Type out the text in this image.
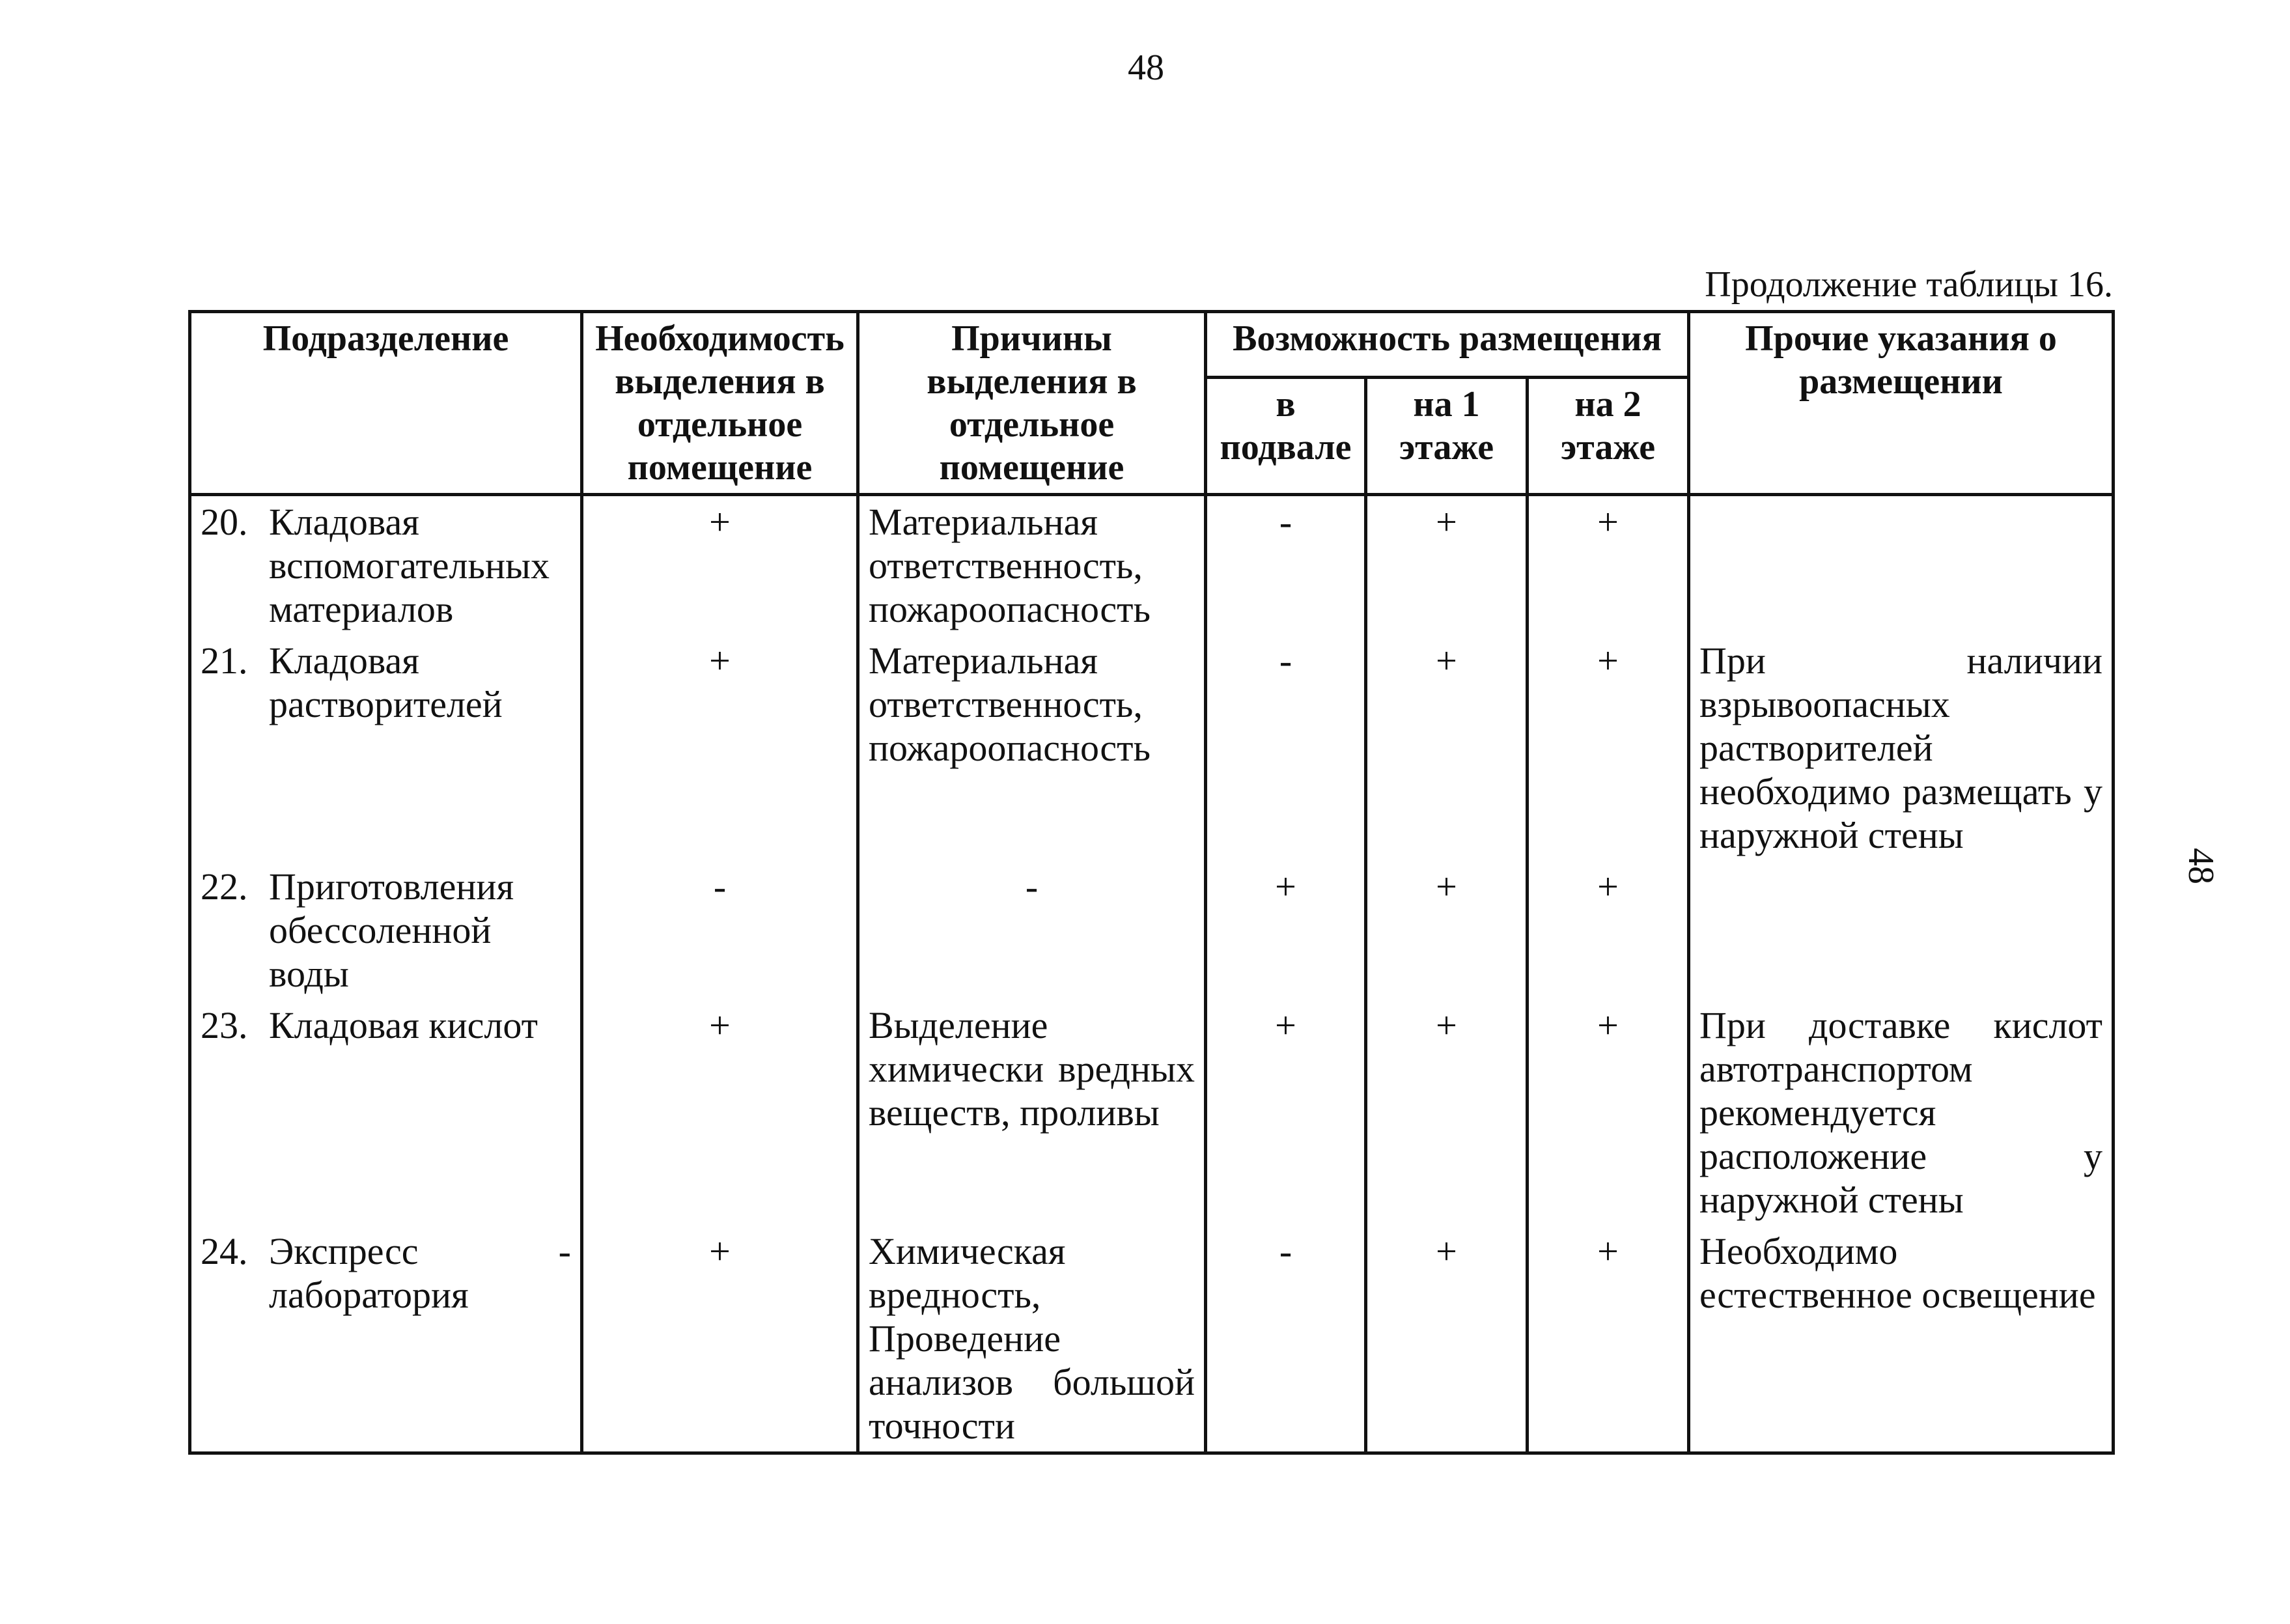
48
48
Продолжение таблицы 16.
Подразделение	Необходимость выделения в отдельное помещение	Причины выделения в отдельное помещение	Возможность размещения			Прочие указания о размещении
			в подвале	на 1 этаже	на 2 этаже	

20. Кладовая вспомогательных материалов	+	Материальная ответственность, пожароопасность	-	+	+	

21. Кладовая растворителей	+	Материальная ответственность, пожароопасность	-	+	+	При наличии взрывоопасных растворителей необходимо размещать у наружной стены

22. Приготовления обессоленной воды	-	-	+	+	+	

23. Кладовая кислот	+	Выделение химически вредных веществ, проливы	+	+	+	При доставке кислот автотранспортом рекомендуется расположение у наружной стены

24. Экспресс - лаборатория	+	Химическая вредность, Проведение анализов большой точности	-	+	+	Необходимо естественное освещение
